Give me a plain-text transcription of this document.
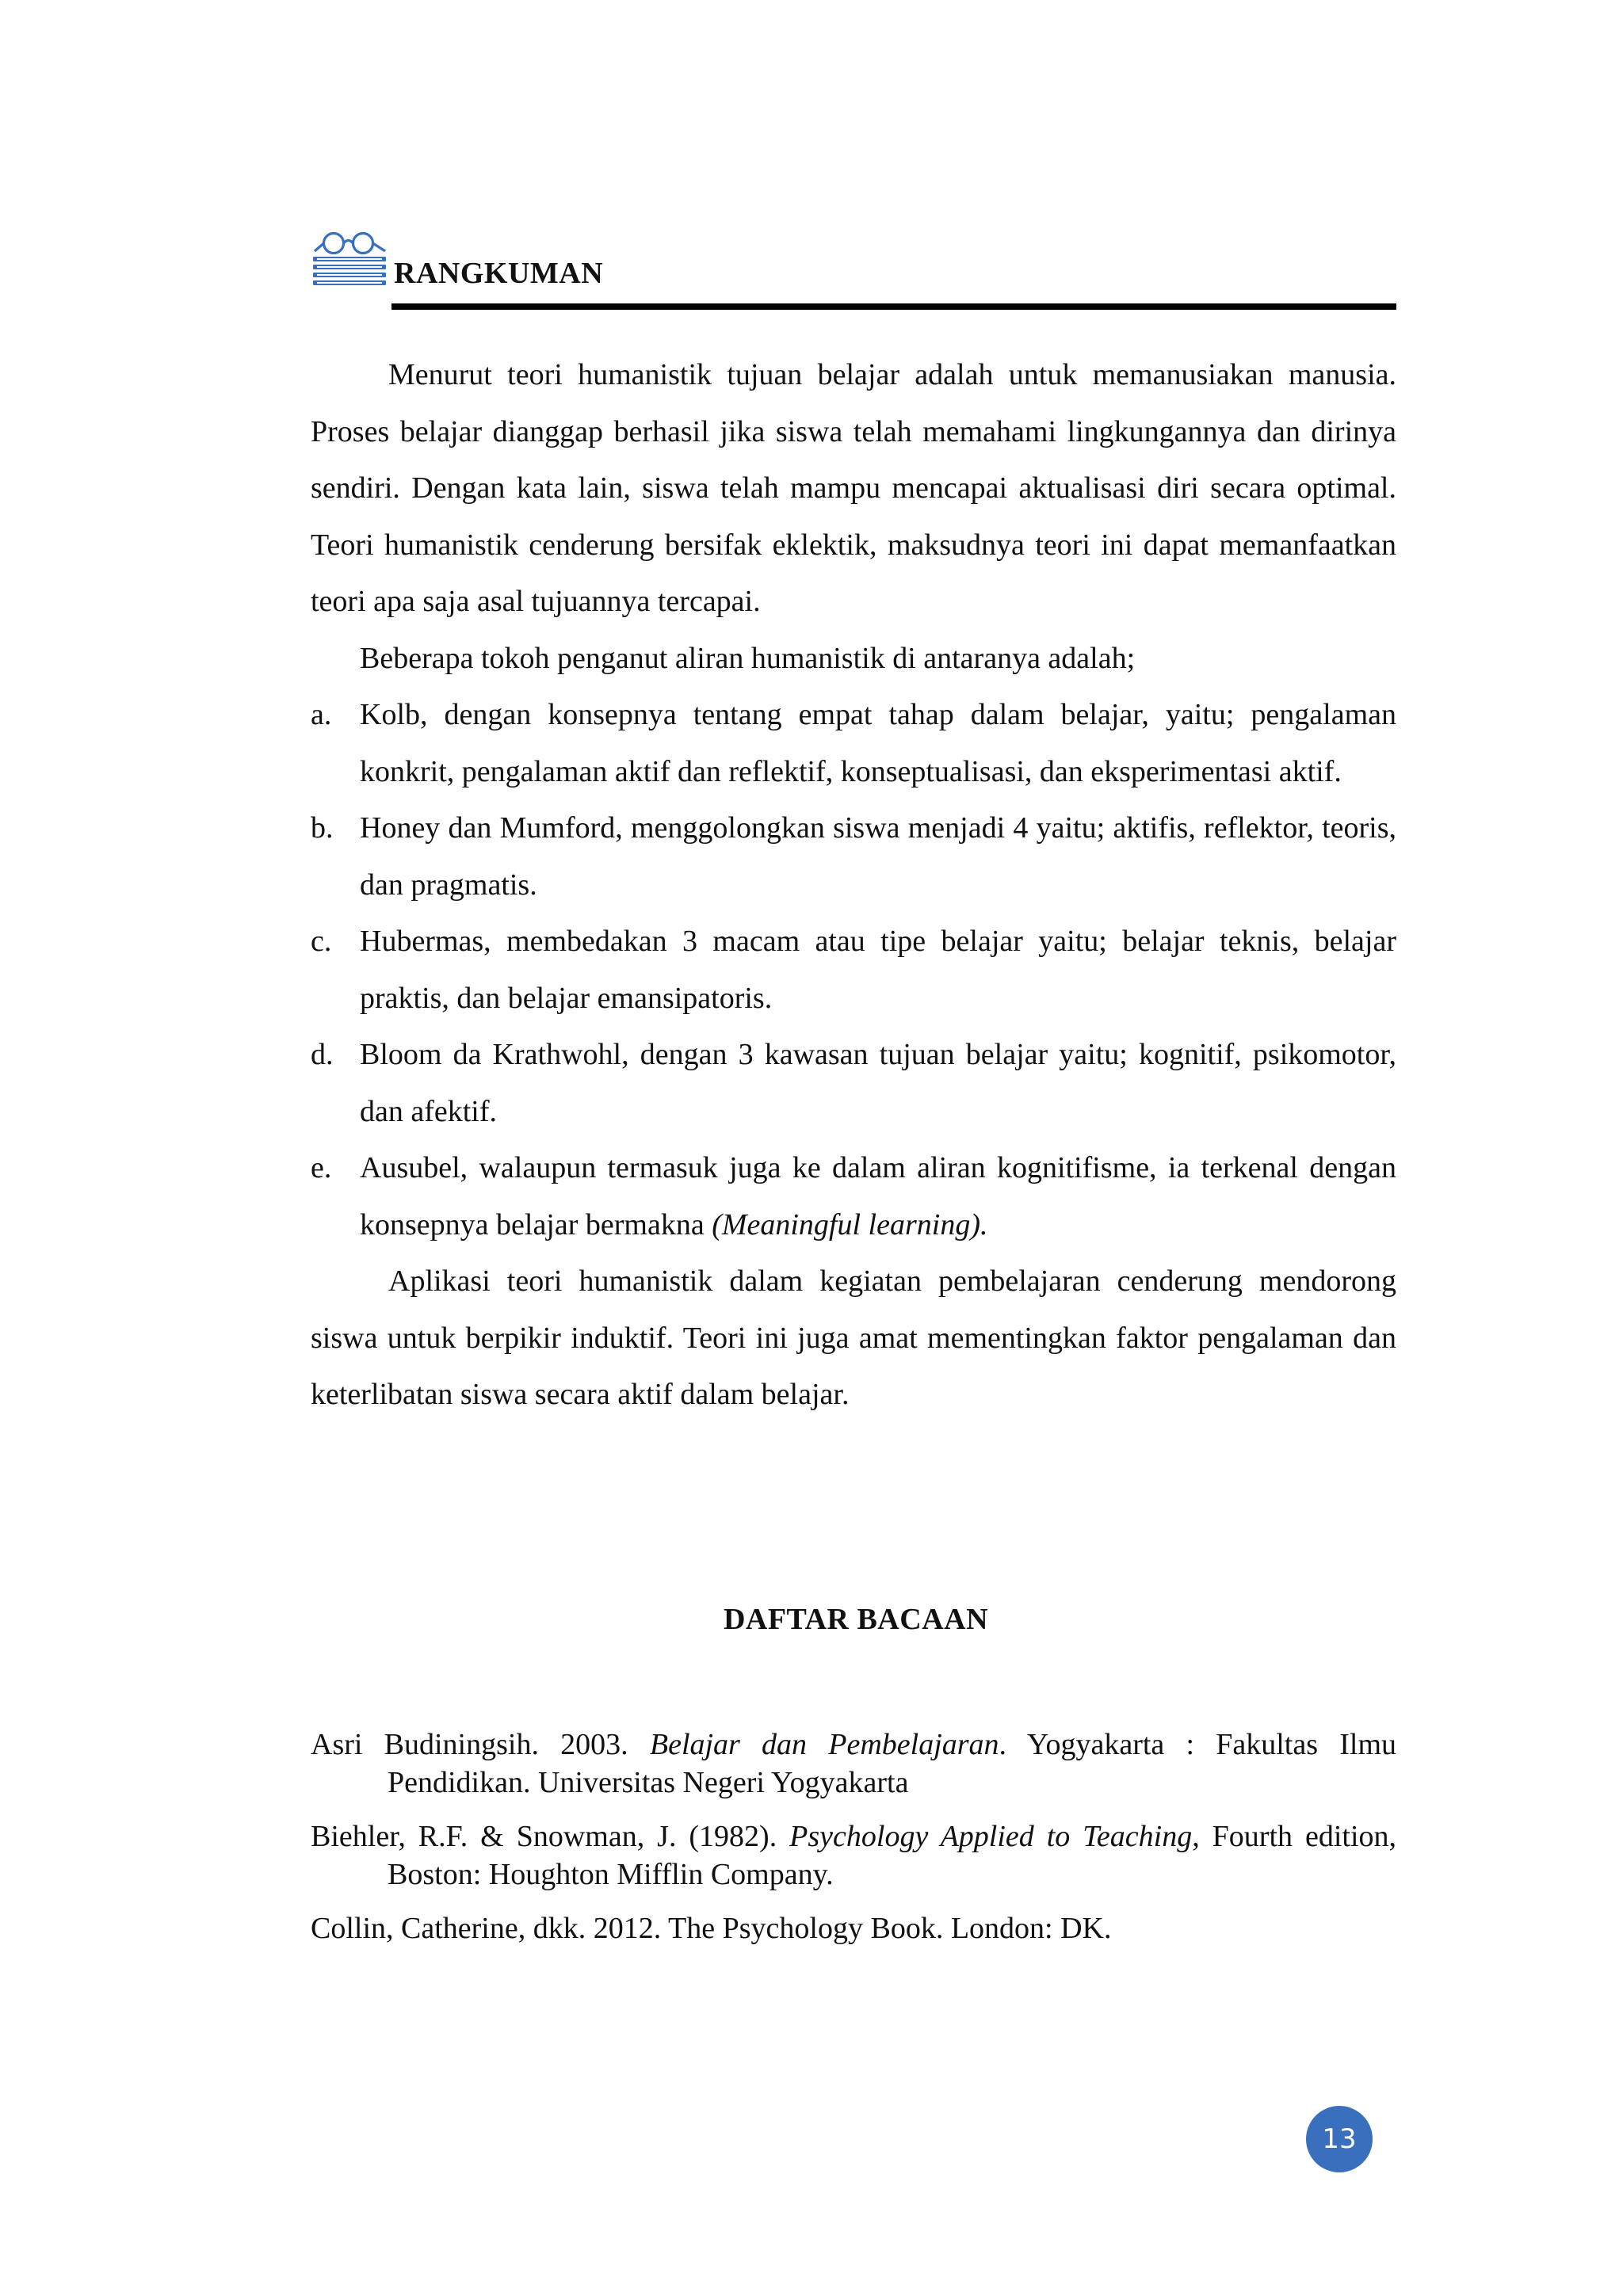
RANGKUMAN

Menurut teori humanistik tujuan belajar adalah untuk memanusiakan manusia. Proses belajar dianggap berhasil jika siswa telah memahami lingkungannya dan dirinya sendiri. Dengan kata lain, siswa telah mampu mencapai aktualisasi diri secara optimal. Teori humanistik cenderung bersifak eklektik, maksudnya teori ini dapat memanfaatkan teori apa saja asal tujuannya tercapai.

Beberapa tokoh penganut aliran humanistik di antaranya adalah;

a. Kolb, dengan konsepnya tentang empat tahap dalam belajar, yaitu; pengalaman konkrit, pengalaman aktif dan reflektif, konseptualisasi, dan eksperimentasi aktif.
b. Honey dan Mumford, menggolongkan siswa menjadi 4 yaitu; aktifis, reflektor, teoris, dan pragmatis.
c. Hubermas, membedakan 3 macam atau tipe belajar yaitu; belajar teknis, belajar praktis, dan belajar emansipatoris.
d. Bloom da Krathwohl, dengan 3 kawasan tujuan belajar yaitu; kognitif, psikomotor, dan afektif.
e. Ausubel, walaupun termasuk juga ke dalam aliran kognitifisme, ia terkenal dengan konsepnya belajar bermakna (Meaningful learning).

Aplikasi teori humanistik dalam kegiatan pembelajaran cenderung mendorong siswa untuk berpikir induktif. Teori ini juga amat mementingkan faktor pengalaman dan keterlibatan siswa secara aktif dalam belajar.

DAFTAR BACAAN

Asri Budiningsih. 2003. Belajar dan Pembelajaran. Yogyakarta : Fakultas Ilmu Pendidikan. Universitas Negeri Yogyakarta

Biehler, R.F. & Snowman, J. (1982). Psychology Applied to Teaching, Fourth edition, Boston: Houghton Mifflin Company.

Collin, Catherine, dkk. 2012. The Psychology Book. London: DK.

13
